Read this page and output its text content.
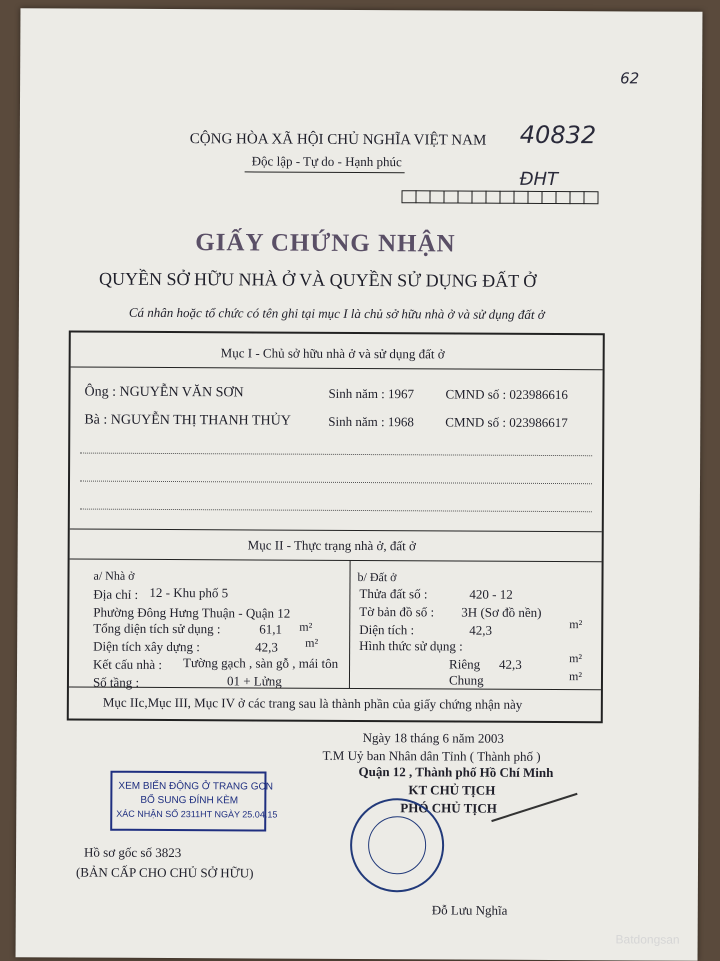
62
40832
ĐHT
CỘNG HÒA XÃ HỘI CHỦ NGHĨA VIỆT NAM
Độc lập - Tự do - Hạnh phúc
GIẤY CHỨNG NHẬN
QUYỀN SỞ HỮU NHÀ Ở VÀ QUYỀN SỬ DỤNG ĐẤT Ở
Cá nhân hoặc tổ chức có tên ghi tại mục I là chủ sở hữu nhà ở và sử dụng đất ở
Mục I - Chủ sở hữu nhà ở và sử dụng đất ở
Ông : NGUYỄN VĂN SƠN	Sinh năm : 1967 CMND số : 023986616
Bà : NGUYỄN THỊ THANH THỦY	Sinh năm : 1968 CMND số : 023986617
Mục II - Thực trạng nhà ở, đất ở
a/ Nhà ở
Địa chỉ : 12 - Khu phố 5
Phường Đông Hưng Thuận - Quận 12
Tổng diện tích sử dụng :	61,1 m²
Diện tích xây dựng :	42,3 m²
Kết cấu nhà : Tường gạch , sàn gỗ , mái tôn
Số tầng :	01 + Lửng
b/ Đất ở
Thửa đất số :	420 - 12
Tờ bản đồ số : 3H (Sơ đồ nền)
Diện tích :	42,3	m²
Hình thức sử dụng :
Riêng 42,3	m²
Chung	m²
Mục IIc,Mục III, Mục IV ở các trang sau là thành phần của giấy chứng nhận này
Ngày 18 tháng 6 năm 2003
T.M Uỷ ban Nhân dân Tỉnh ( Thành phố )
Quận 12 , Thành phố Hồ Chí Minh
KT CHỦ TỊCH
PHÓ CHỦ TỊCH
Đỗ Lưu Nghĩa
XEM BIẾN ĐỘNG Ở TRANG GCN
BỔ SUNG ĐÍNH KÈM
XÁC NHẬN SỐ 2311HT NGÀY 25.04.15
Hồ sơ gốc số 3823
(BẢN CẤP CHO CHỦ SỞ HỮU)
Batdongsan
